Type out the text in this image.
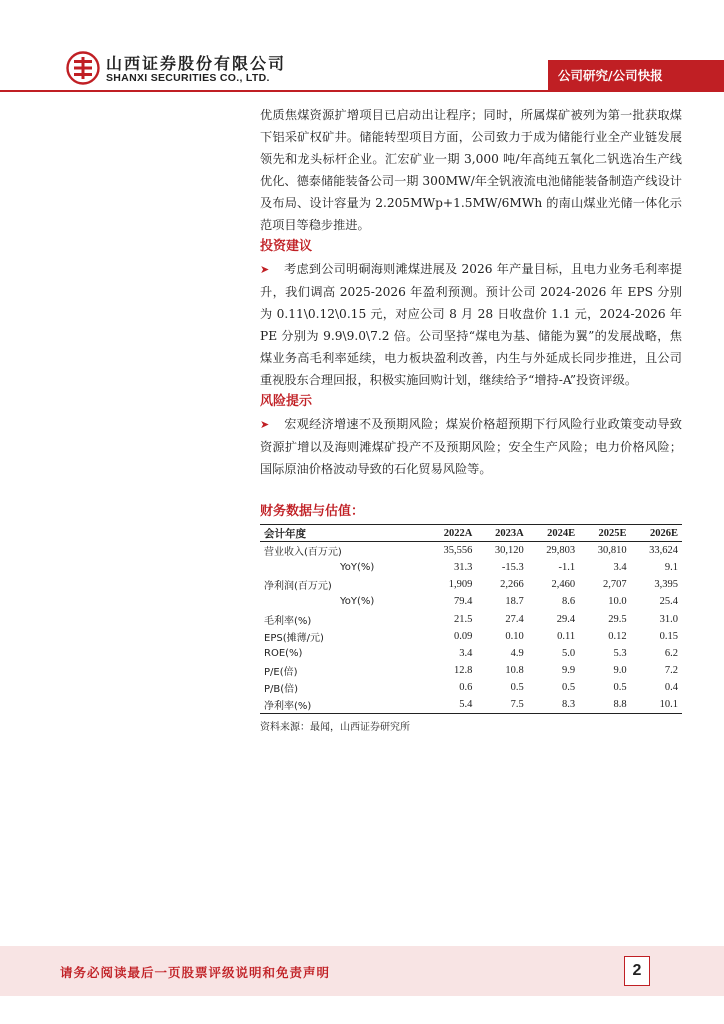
山西证券股份有限公司
SHANXI SECURITIES CO., LTD.	公司研究/公司快报

优质焦煤资源扩增项目已启动出让程序；同时，所属煤矿被列为第一批获取煤下铝采矿权矿井。储能转型项目方面，公司致力于成为储能行业全产业链发展领先和龙头标杆企业。汇宏矿业一期 3,000 吨/年高纯五氧化二钒选冶生产线优化、德泰储能装备公司一期 300MW/年全钒液流电池储能装备制造产线设计及布局、设计容量为 2.205MWp+1.5MW/6MWh 的南山煤业光储一体化示范项目等稳步推进。

投资建议

➤ 考虑到公司明硐海则滩煤进展及 2026 年产量目标，且电力业务毛利率提升，我们调高 2025-2026 年盈利预测。预计公司 2024-2026 年 EPS 分别为 0.11\0.12\0.15 元，对应公司 8 月 28 日收盘价 1.1 元，2024-2026 年 PE 分别为 9.9\9.0\7.2 倍。公司坚持“煤电为基、储能为翼”的发展战略，焦煤业务高毛利率延续，电力板块盈利改善，内生与外延成长同步推进，且公司重视股东合理回报，积极实施回购计划，继续给予“增持-A”投资评级。

风险提示

➤ 宏观经济增速不及预期风险；煤炭价格超预期下行风险行业政策变动导致资源扩增以及海则滩煤矿投产不及预期风险；安全生产风险；电力价格风险；国际原油价格波动导致的石化贸易风险等。

财务数据与估值：
会计年度	2022A	2023A	2024E	2025E	2026E
营业收入(百万元)	35,556	30,120	29,803	30,810	33,624
YoY(%)	31.3	-15.3	-1.1	3.4	9.1
净利润(百万元)	1,909	2,266	2,460	2,707	3,395
YoY(%)	79.4	18.7	8.6	10.0	25.4
毛利率(%)	21.5	27.4	29.4	29.5	31.0
EPS(摊薄/元)	0.09	0.10	0.11	0.12	0.15
ROE(%)	3.4	4.9	5.0	5.3	6.2
P/E(倍)	12.8	10.8	9.9	9.0	7.2
P/B(倍)	0.6	0.5	0.5	0.5	0.4
净利率(%)	5.4	7.5	8.3	8.8	10.1
资料来源：最闻，山西证券研究所
请务必阅读最后一页股票评级说明和免责声明	2
